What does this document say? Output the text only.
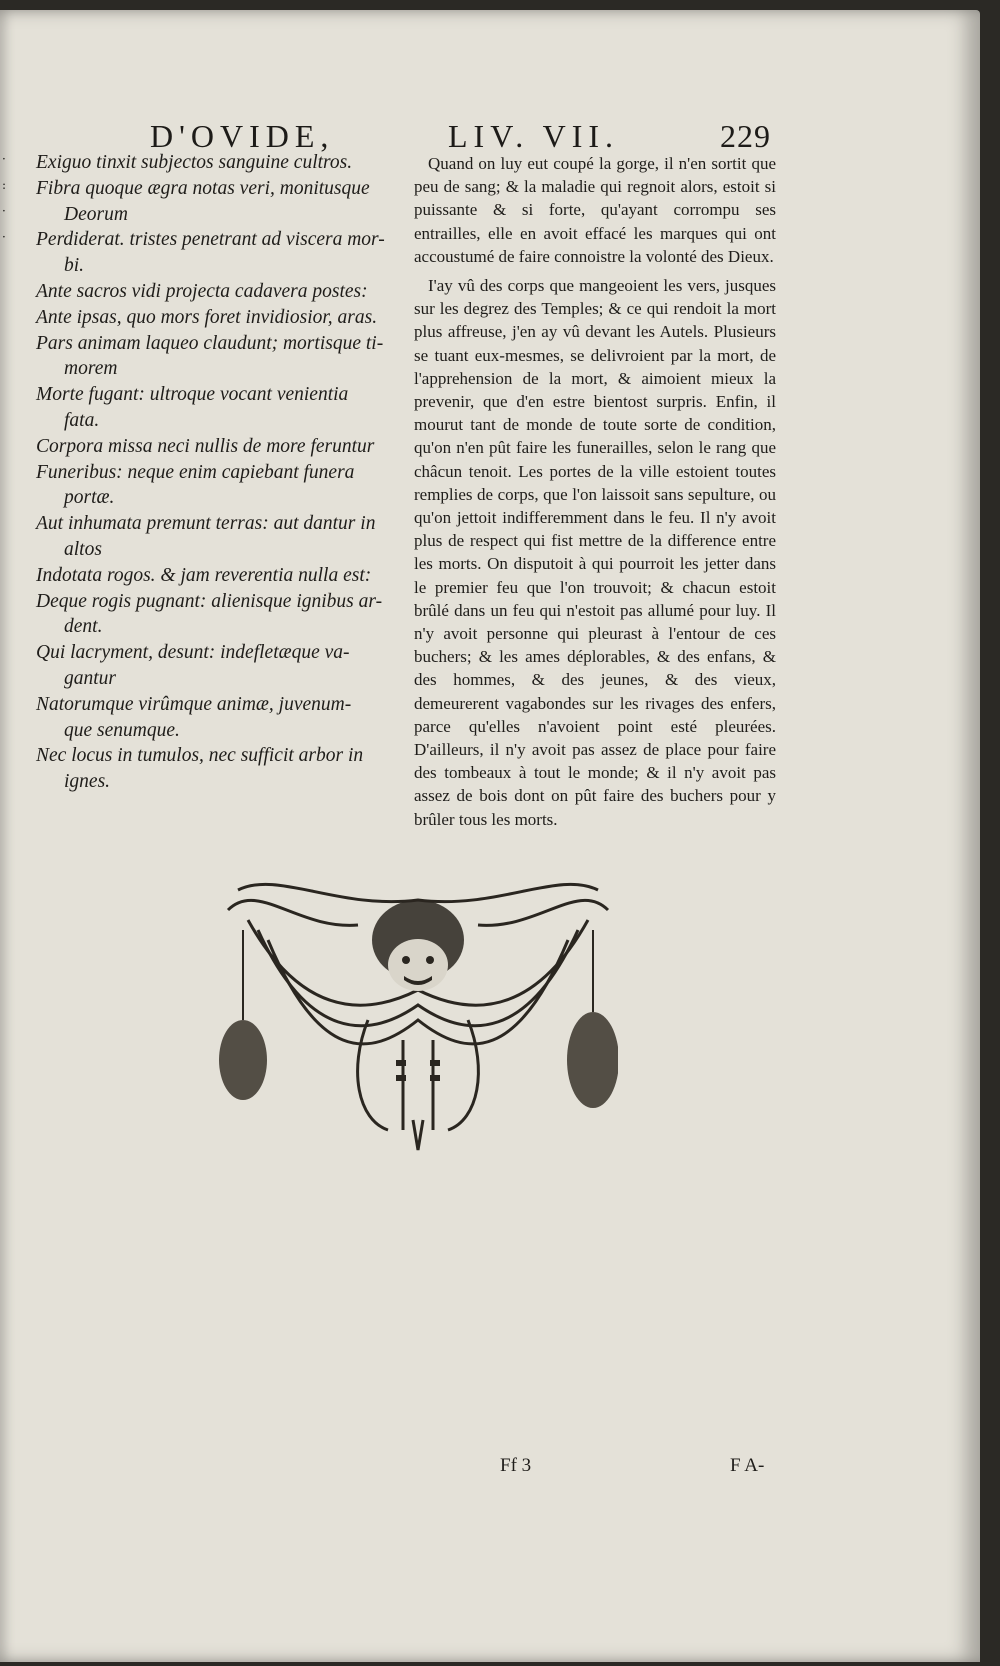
·
:
·
·
D'OVIDE,	LIV. VII.	229
Exiguo tinxit subjectos sanguine cultros.
Fibra quoque ægra notas veri, monitusque
Deorum
Perdiderat. tristes penetrant ad viscera mor-
bi.
Ante sacros vidi projecta cadavera postes:
Ante ipsas, quo mors foret invidiosior, aras.
Pars animam laqueo claudunt; mortisque ti-
morem
Morte fugant: ultroque vocant venientia
fata.
Corpora missa neci nullis de more feruntur
Funeribus: neque enim capiebant funera
portæ.
Aut inhumata premunt terras: aut dantur in
altos
Indotata rogos. & jam reverentia nulla est:
Deque rogis pugnant: alienisque ignibus ar-
dent.
Qui lacryment, desunt: indefletæque va-
gantur
Natorumque virûmque animæ, juvenum-
que senumque.
Nec locus in tumulos, nec sufficit arbor in
ignes.

Quand on luy eut coupé la gorge, il n'en sortit que peu de sang; & la maladie qui regnoit alors, estoit si puissante & si forte, qu'ayant corrompu ses entrailles, elle en avoit effacé les marques qui ont accoustumé de faire connoistre la volonté des Dieux.

I'ay vû des corps que mangeoient les vers, jusques sur les degrez des Temples; & ce qui rendoit la mort plus affreuse, j'en ay vû devant les Autels. Plusieurs se tuant eux-mesmes, se delivroient par la mort, de l'apprehension de la mort, & aimoient mieux la prevenir, que d'en estre bientost surpris. Enfin, il mourut tant de monde de toute sorte de condition, qu'on n'en pût faire les funerailles, selon le rang que châcun tenoit. Les portes de la ville estoient toutes remplies de corps, que l'on laissoit sans sepulture, ou qu'on jettoit indifferemment dans le feu. Il n'y avoit plus de respect qui fist mettre de la difference entre les morts. On disputoit à qui pourroit les jetter dans le premier feu que l'on trouvoit; & chacun estoit brûlé dans un feu qui n'estoit pas allumé pour luy. Il n'y avoit personne qui pleurast à l'entour de ces buchers; & les ames déplorables, & des enfans, & des hommes, & des jeunes, & des vieux, demeurerent vagabondes sur les rivages des enfers, parce qu'elles n'avoient point esté pleurées. D'ailleurs, il n'y avoit pas assez de place pour faire des tombeaux à tout le monde; & il n'y avoit pas assez de bois dont on pût faire des buchers pour y brûler tous les morts.

Ff 3	F A-
